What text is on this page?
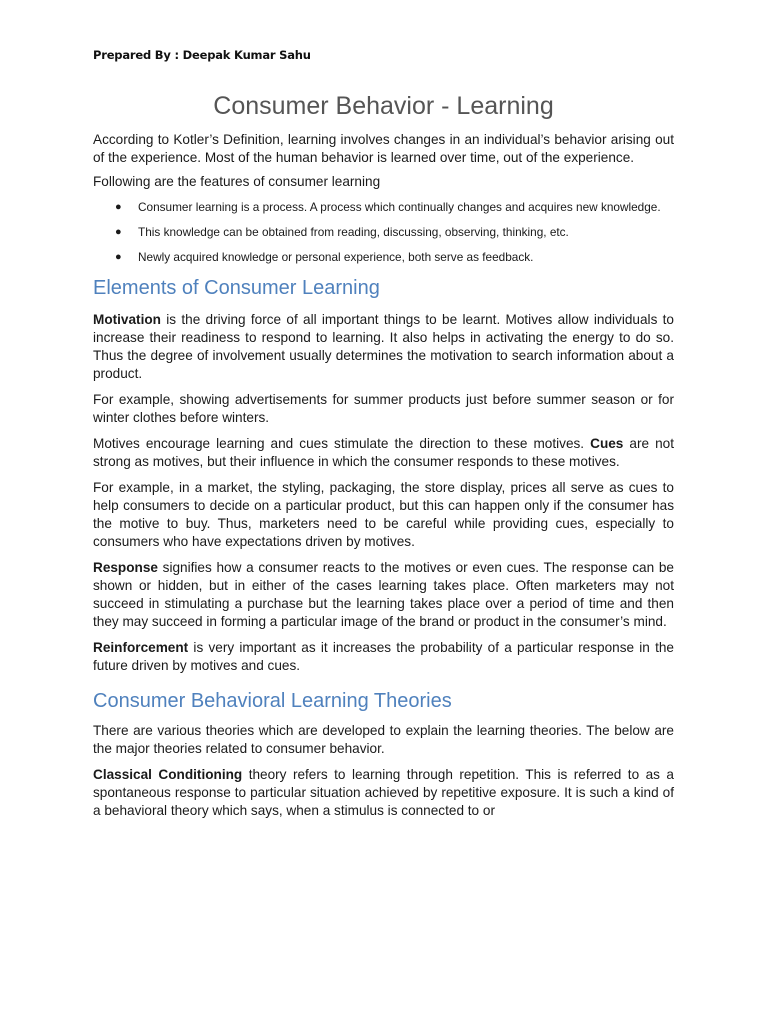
Prepared By : Deepak Kumar Sahu
Consumer Behavior - Learning

According to Kotler’s Definition, learning involves changes in an individual’s behavior arising out of the experience. Most of the human behavior is learned over time, out of the experience.

Following are the features of consumer learning

● Consumer learning is a process. A process which continually changes and acquires new knowledge.
● This knowledge can be obtained from reading, discussing, observing, thinking, etc.
● Newly acquired knowledge or personal experience, both serve as feedback.
Elements of Consumer Learning

Motivation is the driving force of all important things to be learnt. Motives allow individuals to increase their readiness to respond to learning. It also helps in activating the energy to do so. Thus the degree of involvement usually determines the motivation to search information about a product.

For example, showing advertisements for summer products just before summer season or for winter clothes before winters.

Motives encourage learning and cues stimulate the direction to these motives. Cues are not strong as motives, but their influence in which the consumer responds to these motives.

For example, in a market, the styling, packaging, the store display, prices all serve as cues to help consumers to decide on a particular product, but this can happen only if the consumer has the motive to buy. Thus, marketers need to be careful while providing cues, especially to consumers who have expectations driven by motives.

Response signifies how a consumer reacts to the motives or even cues. The response can be shown or hidden, but in either of the cases learning takes place. Often marketers may not succeed in stimulating a purchase but the learning takes place over a period of time and then they may succeed in forming a particular image of the brand or product in the consumer’s mind.

Reinforcement is very important as it increases the probability of a particular response in the future driven by motives and cues.

Consumer Behavioral Learning Theories

There are various theories which are developed to explain the learning theories. The below are the major theories related to consumer behavior.

Classical Conditioning theory refers to learning through repetition. This is referred to as a spontaneous response to particular situation achieved by repetitive exposure. It is such a kind of a behavioral theory which says, when a stimulus is connected to or
